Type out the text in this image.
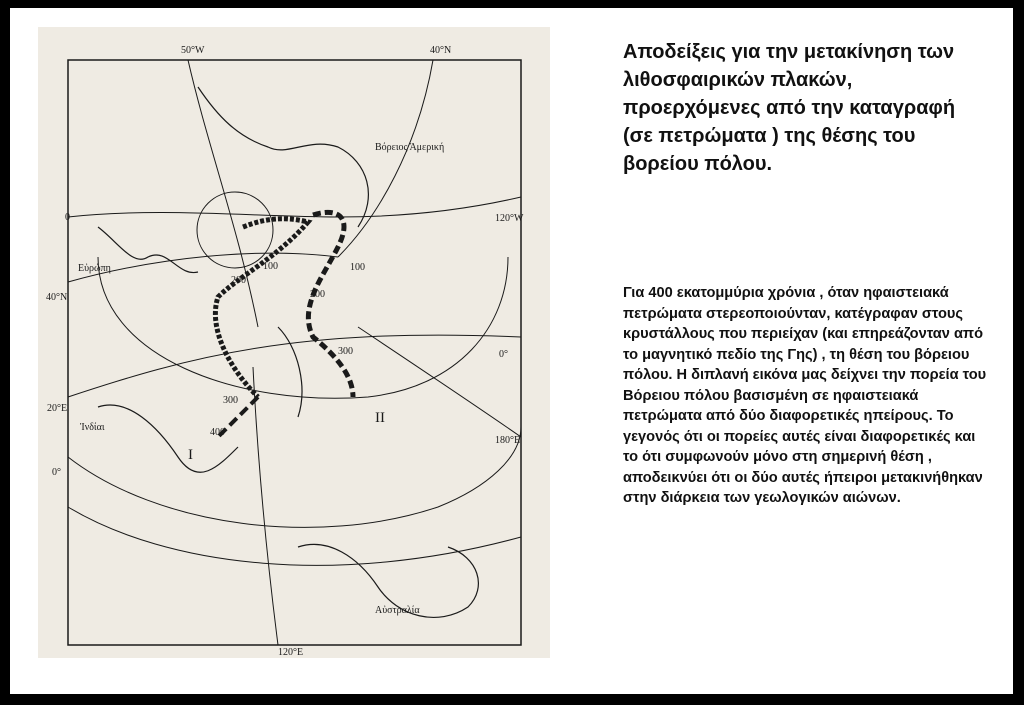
50°W	40°N
Βόρειος Άμερική
0	120°W
Εὐρώπη
40°N
0°
20°E
Ἰνδίαι
180°E
0°
Αὐστραλία
120°E
I
II
100	100
200
200
300
300
400
Αποδείξεις για την μετακίνηση των λιθοσφαιρικών πλακών, προερχόμενες από την καταγραφή (σε πετρώματα ) της θέσης του βορείου πόλου.
Για 400 εκατομμύρια χρόνια , όταν ηφαιστειακά πετρώματα στερεοποιούνταν, κατέγραφαν στους κρυστάλλους που περιείχαν (και επηρεάζονταν από το μαγνητικό πεδίο της Γης) , τη θέση του βόρειου πόλου. Η διπλανή εικόνα μας δείχνει την πορεία του Βόρειου πόλου βασισμένη σε ηφαιστειακά πετρώματα από δύο διαφορετικές ηπείρους. Το γεγονός ότι οι πορείες αυτές είναι διαφορετικές και το ότι συμφωνούν μόνο στη σημερινή θέση , αποδεικνύει ότι οι δύο αυτές ήπειροι μετακινήθηκαν στην διάρκεια των γεωλογικών αιώνων.
